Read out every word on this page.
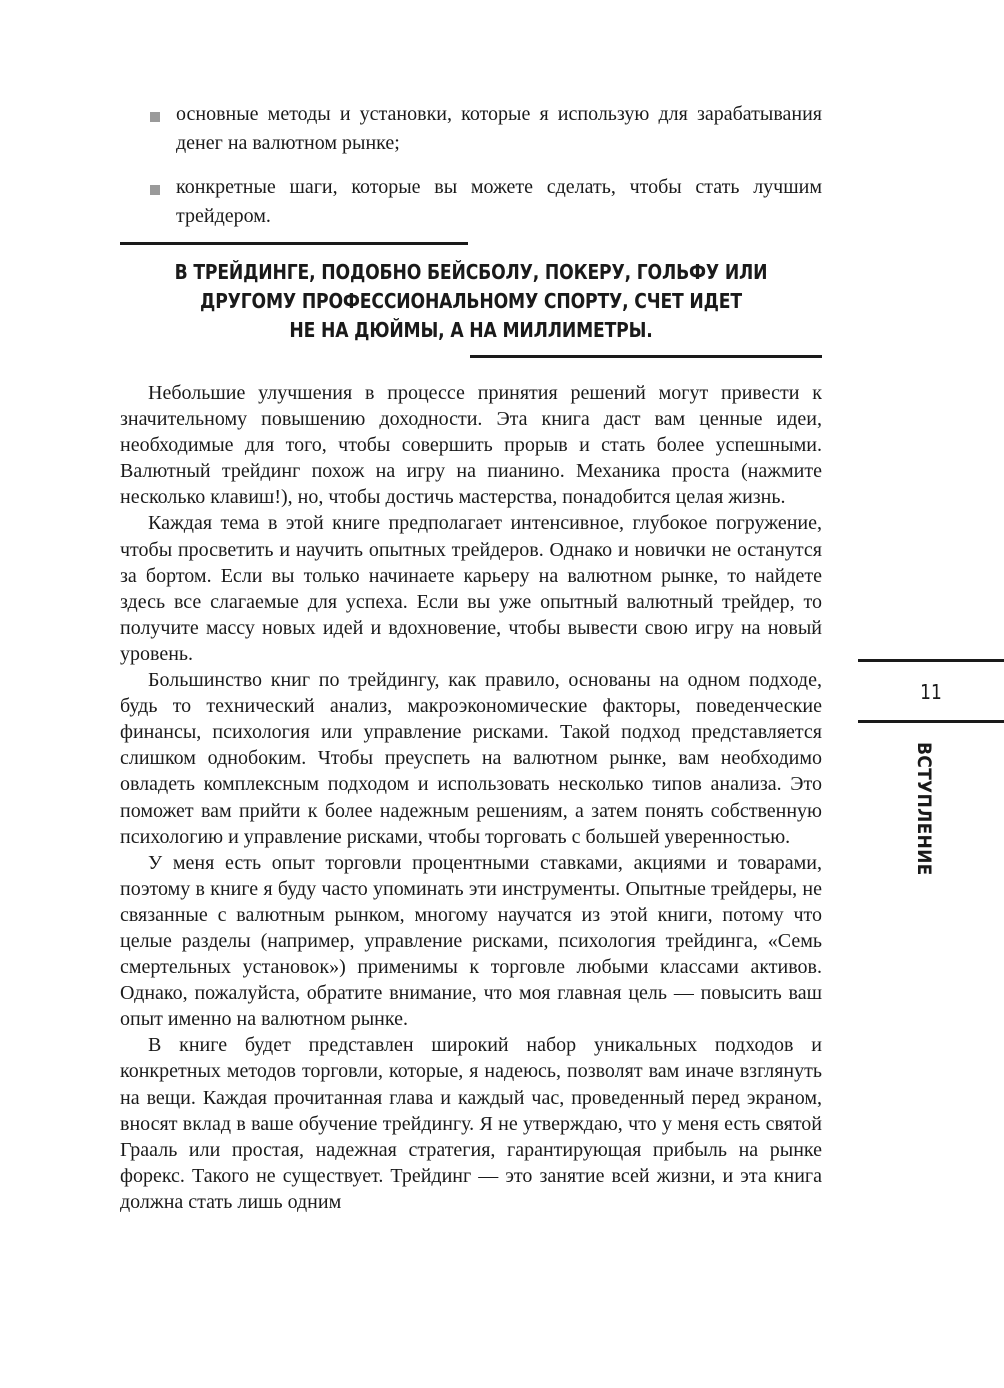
основные методы и установки, которые я использую для зарабатывания денег на валютном рынке;
конкретные шаги, которые вы можете сделать, чтобы стать лучшим трейдером.
В ТРЕЙДИНГЕ, ПОДОБНО БЕЙСБОЛУ, ПОКЕРУ, ГОЛЬФУ ИЛИ
ДРУГОМУ ПРОФЕССИОНАЛЬНОМУ СПОРТУ, СЧЕТ ИДЕТ
НЕ НА ДЮЙМЫ, А НА МИЛЛИМЕТРЫ.

Небольшие улучшения в процессе принятия решений могут привести к значительному повышению доходности. Эта книга даст вам ценные идеи, необходимые для того, чтобы совершить прорыв и стать более успешными. Валютный трейдинг похож на игру на пианино. Механика проста (нажмите несколько клавиш!), но, чтобы достичь мастерства, понадобится целая жизнь.

Каждая тема в этой книге предполагает интенсивное, глубокое погружение, чтобы просветить и научить опытных трейдеров. Однако и новички не останутся за бортом. Если вы только начинаете карьеру на валютном рынке, то найдете здесь все слагаемые для успеха. Если вы уже опытный валютный трейдер, то получите массу новых идей и вдохновение, чтобы вывести свою игру на новый уровень.

Большинство книг по трейдингу, как правило, основаны на одном подходе, будь то технический анализ, макроэкономические факторы, поведенческие финансы, психология или управление рисками. Такой подход представляется слишком однобоким. Чтобы преуспеть на валютном рынке, вам необходимо овладеть комплексным подходом и использовать несколько типов анализа. Это поможет вам прийти к более надежным решениям, а затем понять собственную психологию и управление рисками, чтобы торговать с большей уверенностью.

У меня есть опыт торговли процентными ставками, акциями и товарами, поэтому в книге я буду часто упоминать эти инструменты. Опытные трейдеры, не связанные с валютным рынком, многому научатся из этой книги, потому что целые разделы (например, управление рисками, психология трейдинга, «Семь смертельных установок») применимы к торговле любыми классами активов. Однако, пожалуйста, обратите внимание, что моя главная цель — повысить ваш опыт именно на валютном рынке.

В книге будет представлен широкий набор уникальных подходов и конкретных методов торговли, которые, я надеюсь, позволят вам иначе взглянуть на вещи. Каждая прочитанная глава и каждый час, проведенный перед экраном, вносят вклад в ваше обучение трейдингу. Я не утверждаю, что у меня есть святой Грааль или простая, надежная стратегия, гарантирующая прибыль на рынке форекс. Такого не существует. Трейдинг — это занятие всей жизни, и эта книга должна стать лишь одним

11
ВСТУПЛЕНИЕ
